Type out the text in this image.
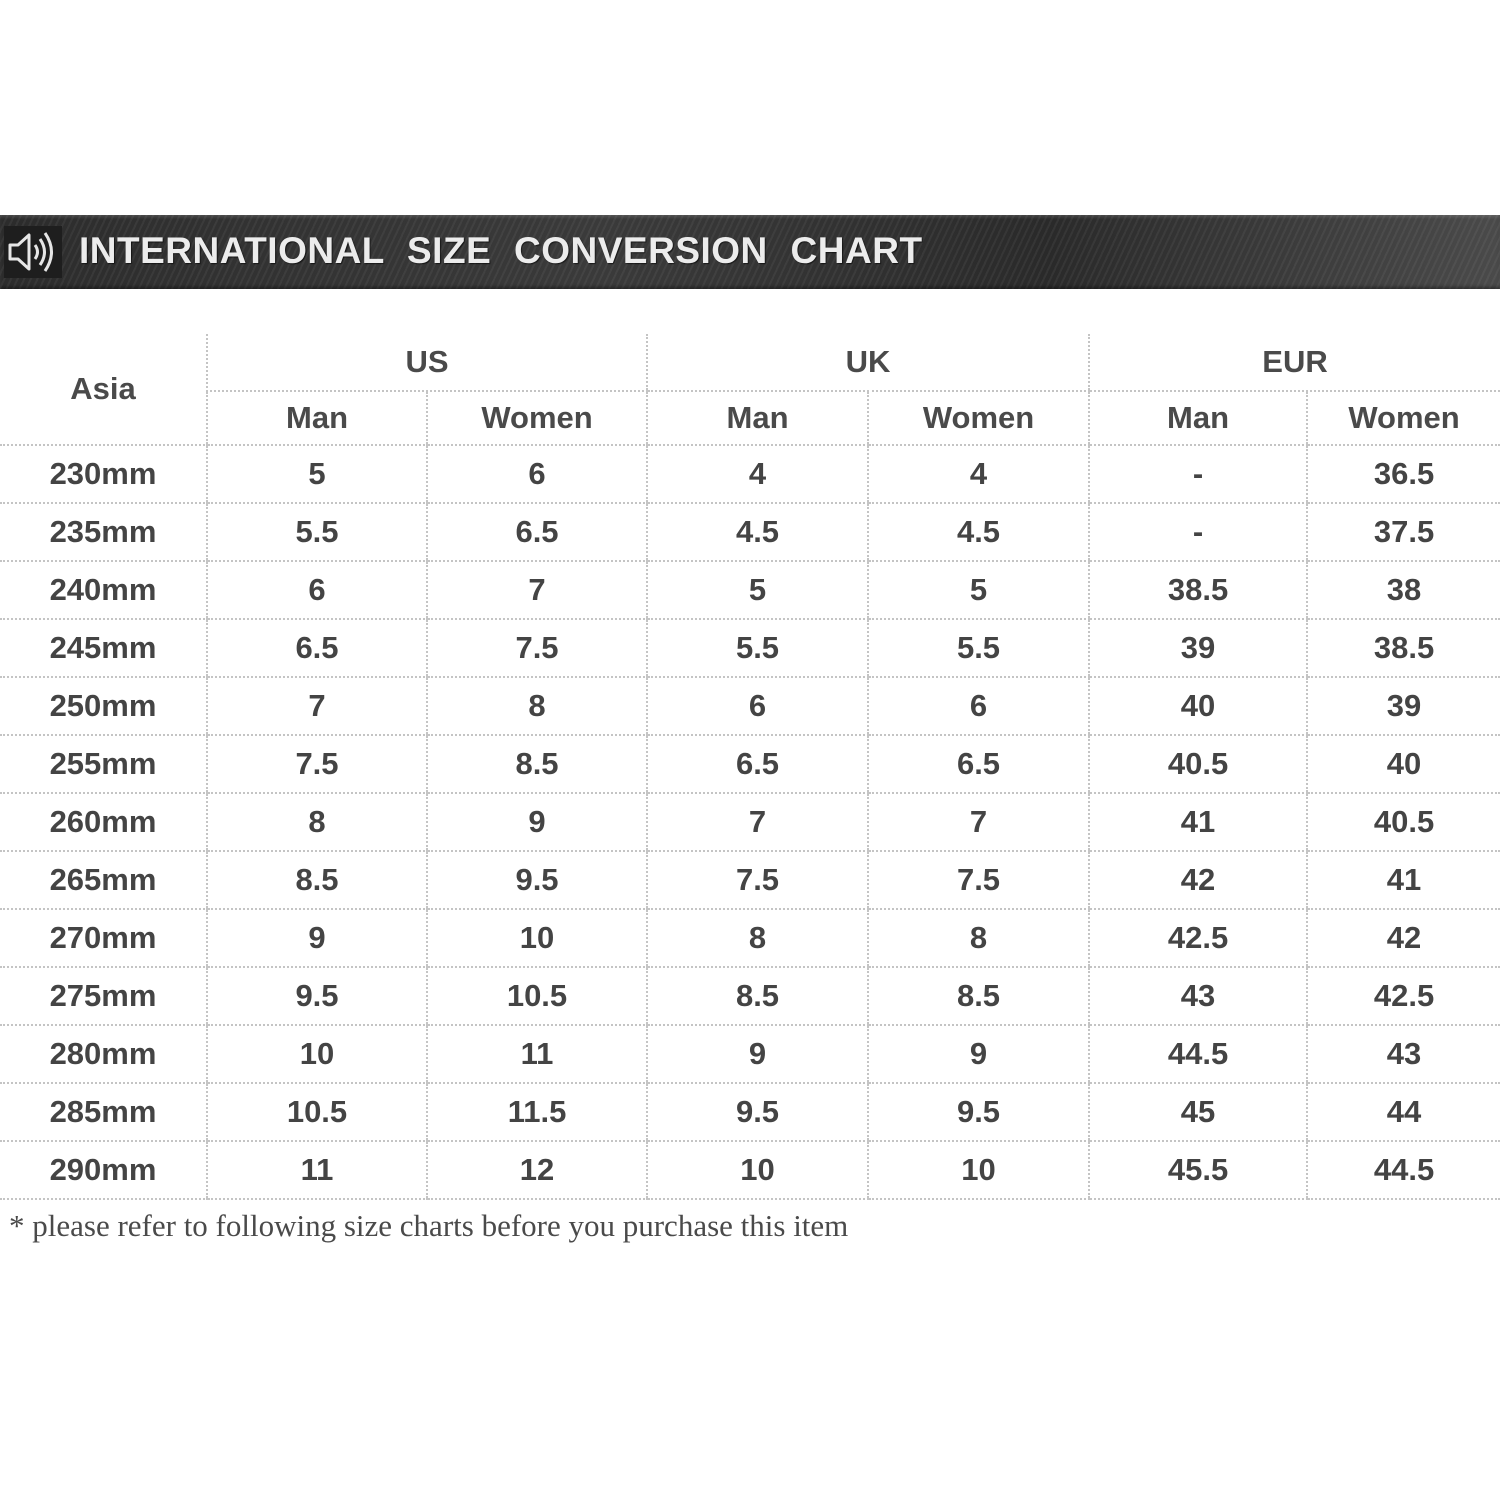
INTERNATIONAL SIZE CONVERSION CHART
Asia	US		UK		EUR	
	Man	Women	Man	Women	Man	Women
230mm	5	6	4	4	-	36.5
235mm	5.5	6.5	4.5	4.5	-	37.5
240mm	6	7	5	5	38.5	38
245mm	6.5	7.5	5.5	5.5	39	38.5
250mm	7	8	6	6	40	39
255mm	7.5	8.5	6.5	6.5	40.5	40
260mm	8	9	7	7	41	40.5
265mm	8.5	9.5	7.5	7.5	42	41
270mm	9	10	8	8	42.5	42
275mm	9.5	10.5	8.5	8.5	43	42.5
280mm	10	11	9	9	44.5	43
285mm	10.5	11.5	9.5	9.5	45	44
290mm	11	12	10	10	45.5	44.5
* please refer to following size charts before you purchase this item
